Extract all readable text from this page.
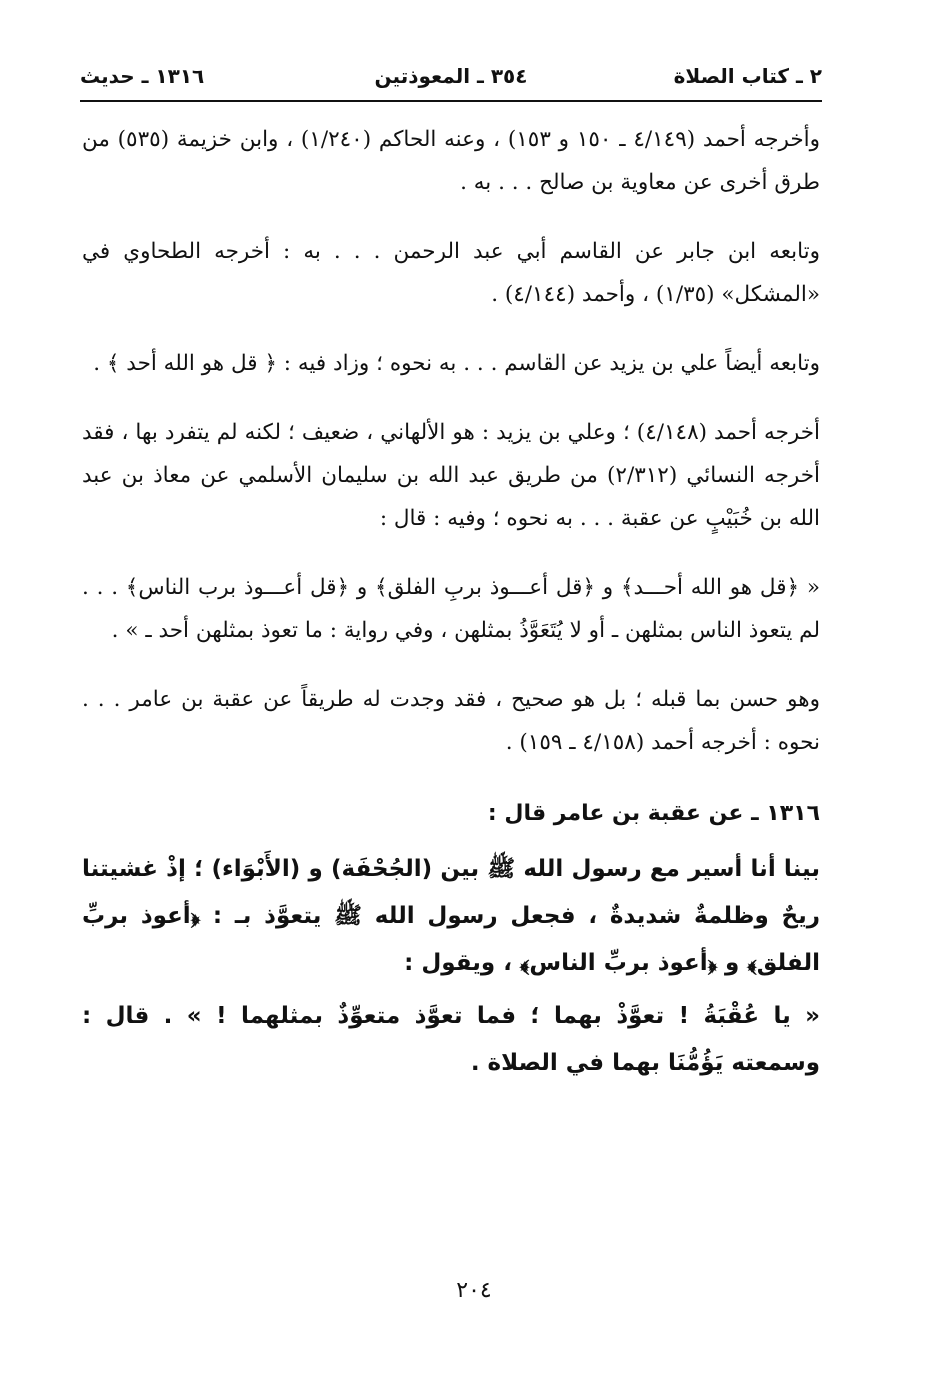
٢ ـ كتاب الصلاة
٣٥٤ ـ المعوذتين
١٣١٦ ـ حديث

وأخرجه أحمد (٤/١٤٩ ـ ١٥٠ و ١٥٣) ، وعنه الحاكم (١/٢٤٠) ، وابن خزيمة (٥٣٥) من طرق أخرى عن معاوية بن صالح . . . به .

وتابعه ابن جابر عن القاسم أبي عبد الرحمن . . . به : أخرجه الطحاوي في «المشكل» (١/٣٥) ، وأحمد (٤/١٤٤) .

وتابعه أيضاً علي بن يزيد عن القاسم . . . به نحوه ؛ وزاد فيه : ﴿ قل هو الله أحد ﴾ .

أخرجه أحمد (٤/١٤٨) ؛ وعلي بن يزيد : هو الألهاني ، ضعيف ؛ لكنه لم يتفرد بها ، فقد أخرجه النسائي (٢/٣١٢) من طريق عبد الله بن سليمان الأسلمي عن معاذ بن عبد الله بن خُبَيْبٍ عن عقبة . . . به نحوه ؛ وفيه : قال :

« ﴿قل هو الله أحـــد﴾ و ﴿قل أعـــوذ بربِ الفلق﴾ و ﴿قل أعـــوذ برب الناس﴾ . . . لم يتعوذ الناس بمثلهن ـ أو لا يُتَعَوَّذُ بمثلهن ، وفي رواية : ما تعوذ بمثلهن أحد ـ » .

وهو حسن بما قبله ؛ بل هو صحيح ، فقد وجدت له طريقاً عن عقبة بن عامر . . . نحوه : أخرجه أحمد (٤/١٥٨ ـ ١٥٩) .

١٣١٦ ـ عن عقبة بن عامر قال :

بينا أنا أسير مع رسول الله ﷺ بين (الجُحْفَة) و (الأَبْوَاء) ؛ إذْ غشيتنا ريحٌ وظلمةٌ شديدةٌ ، فجعل رسول الله ﷺ يتعوَّذ بـ : ﴿أعوذ بربِّ الفلق﴾ و ﴿أعوذ بربِّ الناس﴾ ، ويقول :

« يا عُقْبَةُ ! تعوَّذْ بهما ؛ فما تعوَّذ متعوِّذٌ بمثلهما ! » . قال : وسمعته يَؤُمُّنَا بهما في الصلاة .

٢٠٤
